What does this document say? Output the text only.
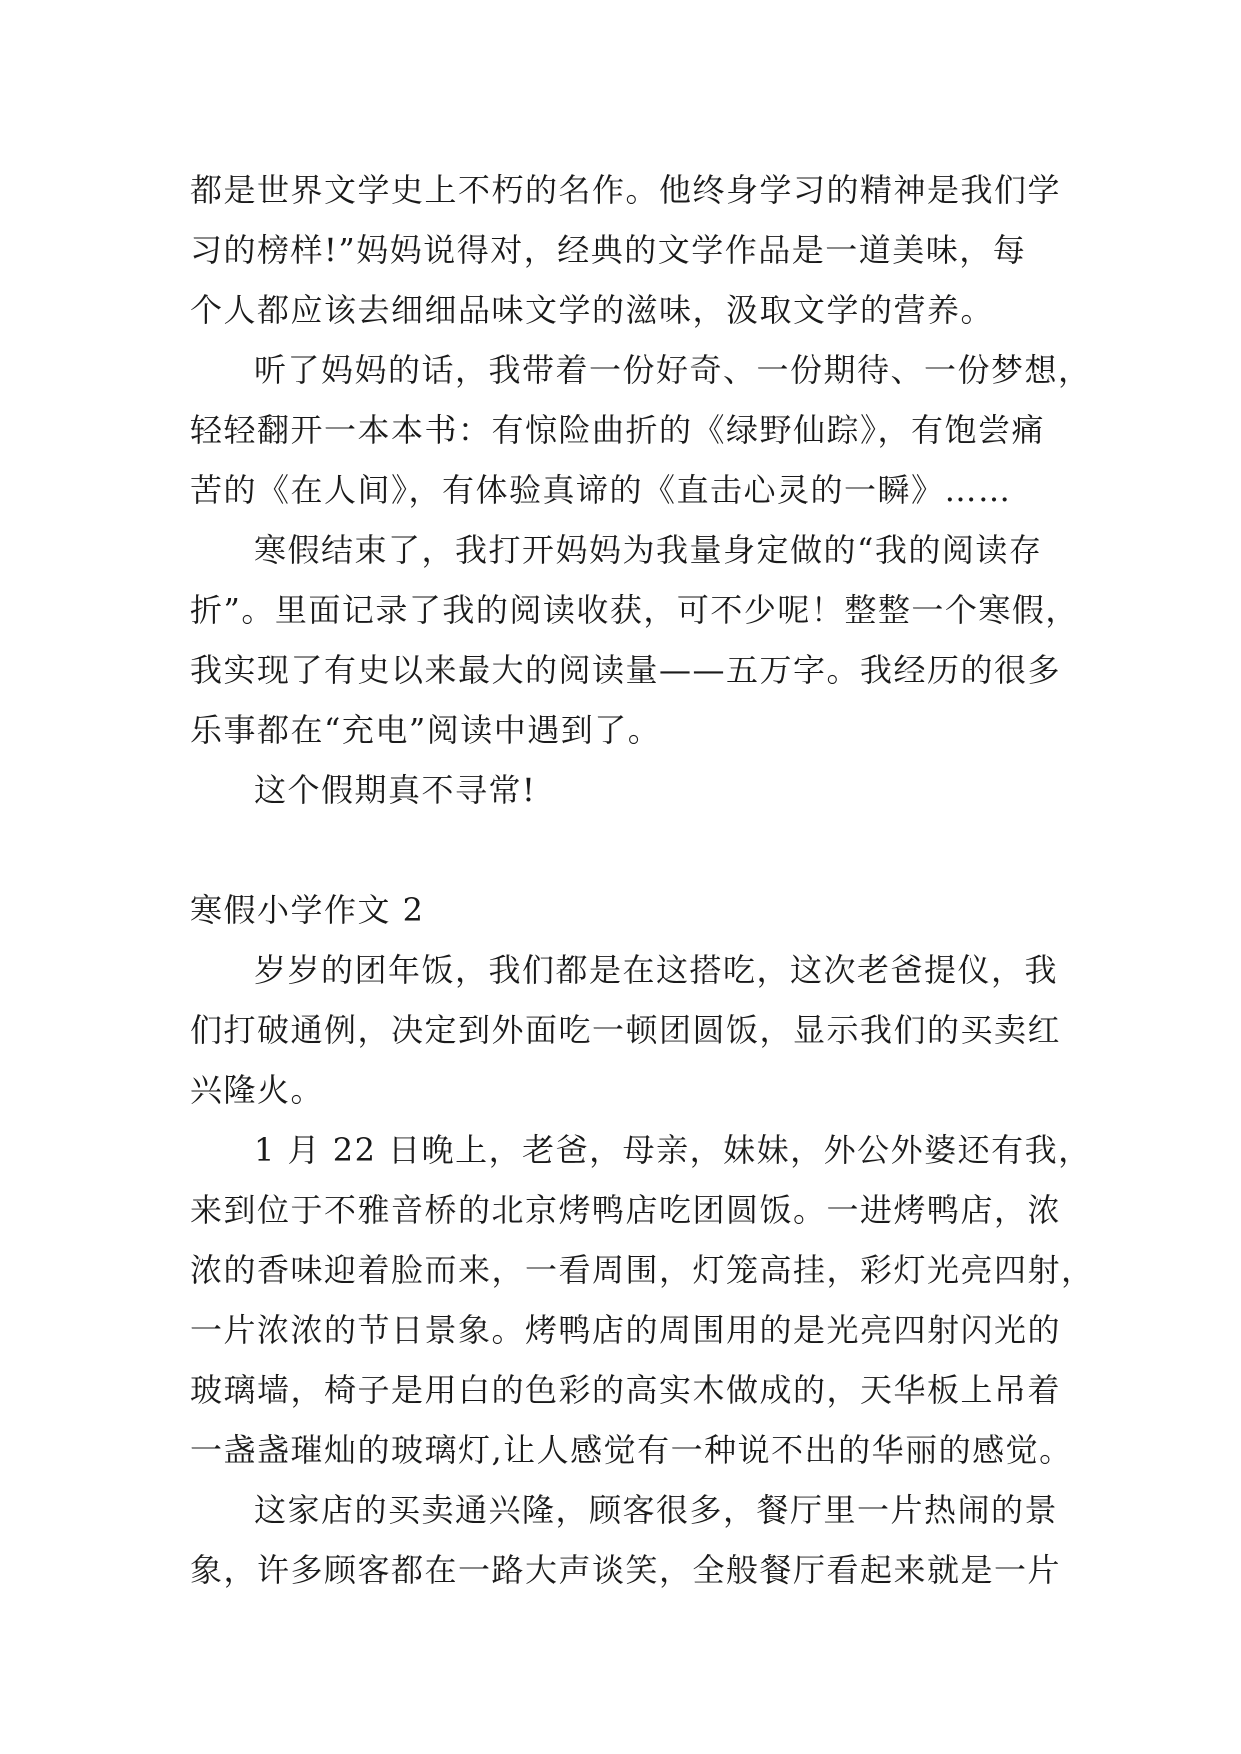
都是世界文学史上不朽的名作。他终身学习的精神是我们学
习的榜样!”妈妈说得对，经典的文学作品是一道美味，每
个人都应该去细细品味文学的滋味，汲取文学的营养。
听了妈妈的话，我带着一份好奇、一份期待、一份梦想，
轻轻翻开一本本书：有惊险曲折的《绿野仙踪》，有饱尝痛
苦的《在人间》，有体验真谛的《直击心灵的一瞬》……
寒假结束了，我打开妈妈为我量身定做的“我的阅读存
折”。里面记录了我的阅读收获，可不少呢！整整一个寒假，
我实现了有史以来最大的阅读量——五万字。我经历的很多
乐事都在“充电”阅读中遇到了。
这个假期真不寻常!
寒假小学作文 2
岁岁的团年饭，我们都是在这搭吃，这次老爸提仪，我
们打破通例，决定到外面吃一顿团圆饭，显示我们的买卖红
兴隆火。
1 月 22 日晚上，老爸，母亲，妹妹，外公外婆还有我，
来到位于不雅音桥的北京烤鸭店吃团圆饭。一进烤鸭店，浓
浓的香味迎着脸而来，一看周围，灯笼高挂，彩灯光亮四射，
一片浓浓的节日景象。烤鸭店的周围用的是光亮四射闪光的
玻璃墙，椅子是用白的色彩的高实木做成的，天华板上吊着
一盏盏璀灿的玻璃灯,让人感觉有一种说不出的华丽的感觉。
这家店的买卖通兴隆，顾客很多，餐厅里一片热闹的景
象，许多顾客都在一路大声谈笑，全般餐厅看起来就是一片
